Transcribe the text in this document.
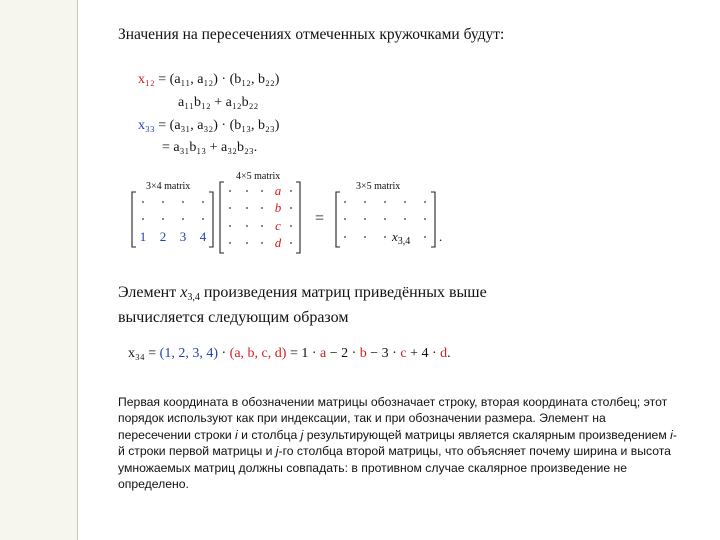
Значения на пересечениях отмеченных кружочками будут:
x₁₂ = (a₁₁, a₁₂) · (b₁₂, b₂₂)
a₁₁b₁₂ + a₁₂b₂₂
x₃₃ = (a₃₁, a₃₂) · (b₁₃, b₂₃)
= a₃₁b₁₃ + a₃₂b₂₃.
3×4 matrix
4×5 matrix
3×5 matrix
1	2	3	4
a
b
c
d
=
$x_{3,4}$ .
Элемент $x_{3,4}$ произведения матриц приведённых выше
вычисляется следующим образом
x₃₄ = (1, 2, 3, 4) · (a, b, c, d) = 1 · a − 2 · b − 3 · c + 4 · d.
Первая координата в обозначении матрицы обозначает строку, вторая координата столбец; этот порядок используют как при индексации, так и при обозначении размера. Элемент на пересечении строки i и столбца j результирующей матрицы является скалярным произведением i-й строки первой матрицы и j-го столбца второй матрицы, что объясняет почему ширина и высота умножаемых матриц должны совпадать: в противном случае скалярное произведение не определено.
